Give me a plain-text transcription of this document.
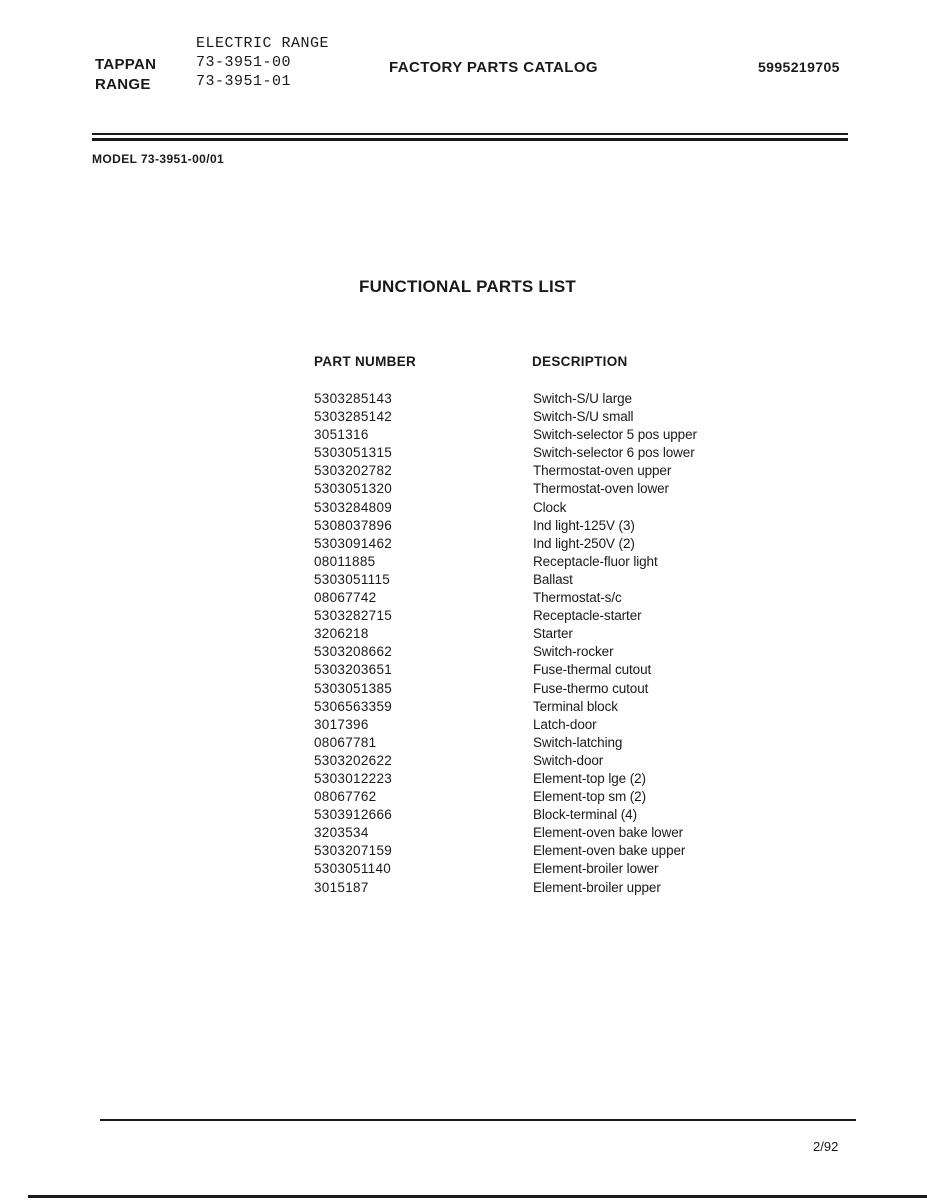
TAPPAN
RANGE
ELECTRIC RANGE
73-3951-00
73-3951-01
FACTORY PARTS CATALOG	5995219705
MODEL 73-3951-00/01
FUNCTIONAL PARTS LIST
PART NUMBER	DESCRIPTION
5303285143	Switch-S/U large
5303285142	Switch-S/U small
3051316	Switch-selector 5 pos upper
5303051315	Switch-selector 6 pos lower
5303202782	Thermostat-oven upper
5303051320	Thermostat-oven lower
5303284809	Clock
5308037896	Ind light-125V (3)
5303091462	Ind light-250V (2)
08011885	Receptacle-fluor light
5303051115	Ballast
08067742	Thermostat-s/c
5303282715	Receptacle-starter
3206218	Starter
5303208662	Switch-rocker
5303203651	Fuse-thermal cutout
5303051385	Fuse-thermo cutout
5306563359	Terminal block
3017396	Latch-door
08067781	Switch-latching
5303202622	Switch-door
5303012223	Element-top lge (2)
08067762	Element-top sm (2)
5303912666	Block-terminal (4)
3203534	Element-oven bake lower
5303207159	Element-oven bake upper
5303051140	Element-broiler lower
3015187	Element-broiler upper
2/92
